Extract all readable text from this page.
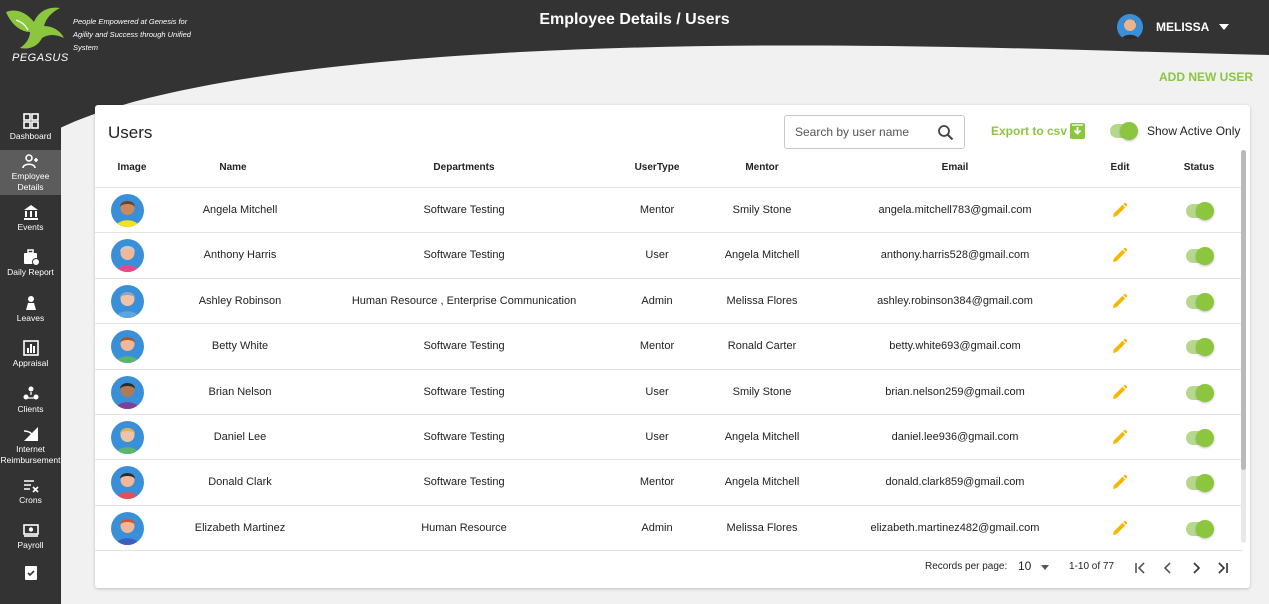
People Empowered at Genesis for Agility and Success through Unified System
PEGASUS
Employee Details / Users	MELISSA
ADD NEW USER
Dashboard
Employee Details
Events
Daily Report
Leaves
Appraisal
Clients
Internet Reimbursement
Crons
Payroll
Users
Search by user name	Export to csv	Show Active Only
Image	Name	Departments	UserType	Mentor	Email	Edit	Status
Angela Mitchell	Software Testing	Mentor	Smily Stone	angela.mitchell783@gmail.com
Anthony Harris	Software Testing	User	Angela Mitchell	anthony.harris528@gmail.com
Ashley Robinson	Human Resource , Enterprise Communication	Admin	Melissa Flores	ashley.robinson384@gmail.com
Betty White	Software Testing	Mentor	Ronald Carter	betty.white693@gmail.com
Brian Nelson	Software Testing	User	Smily Stone	brian.nelson259@gmail.com
Daniel Lee	Software Testing	User	Angela Mitchell	daniel.lee936@gmail.com
Donald Clark	Software Testing	Mentor	Angela Mitchell	donald.clark859@gmail.com
Elizabeth Martinez	Human Resource	Admin	Melissa Flores	elizabeth.martinez482@gmail.com
Records per page: 10	1-10 of 77
